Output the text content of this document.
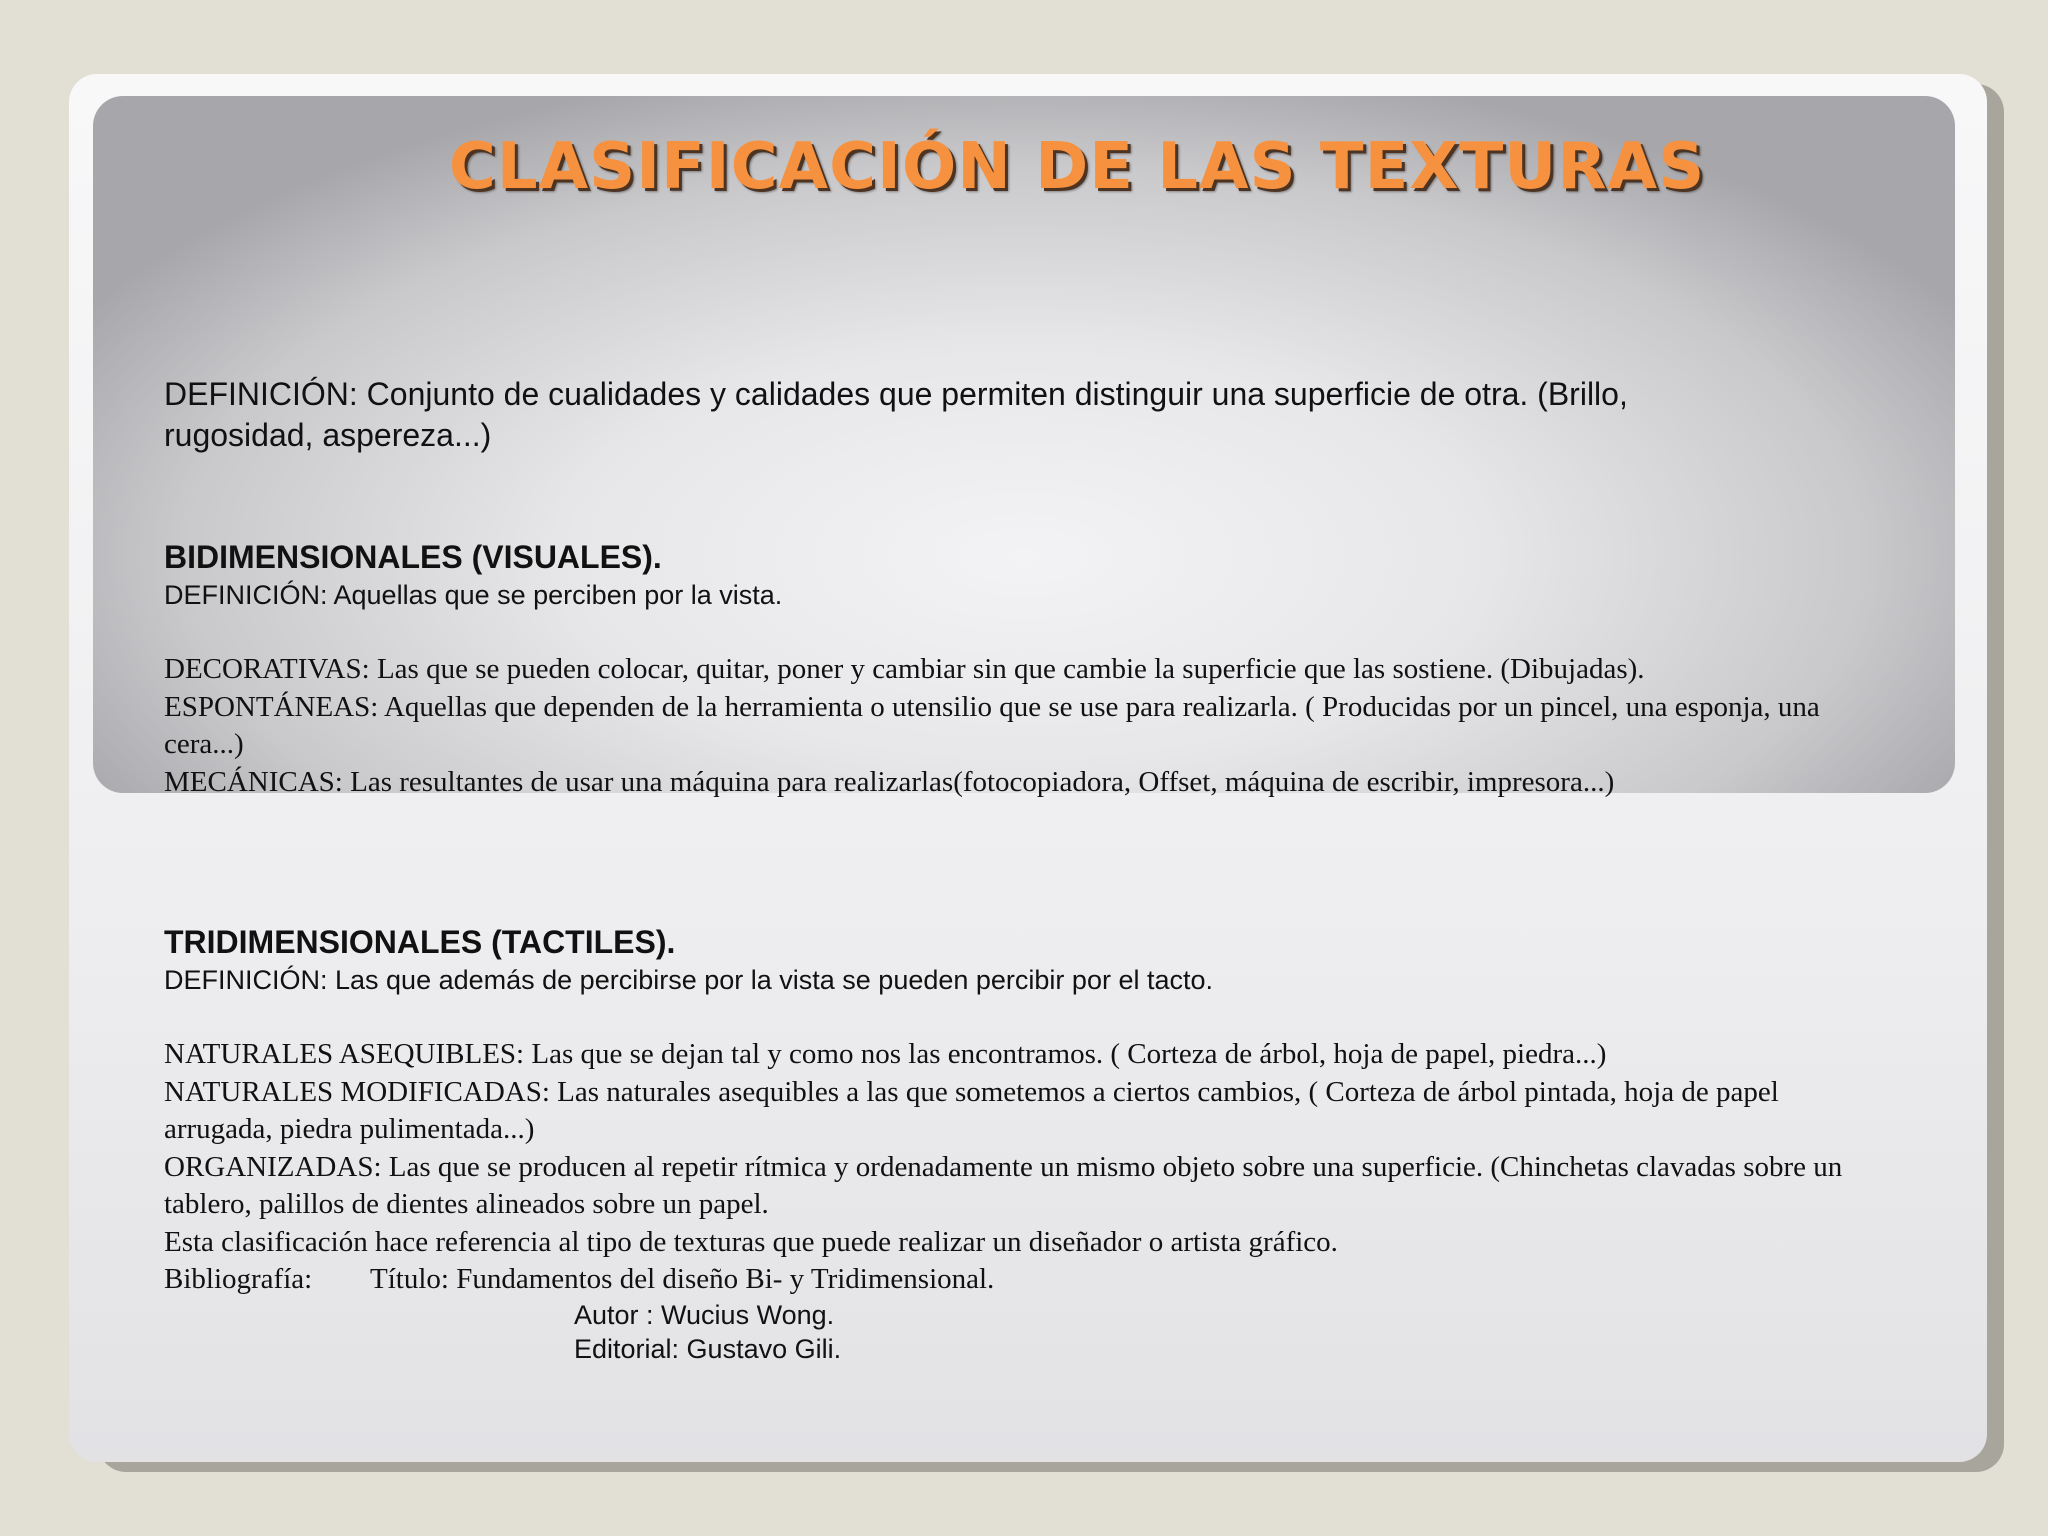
CLASIFICACIÓN DE LAS TEXTURAS

DEFINICIÓN: Conjunto de cualidades y calidades que permiten distinguir una superficie de otra. (Brillo, rugosidad, aspereza...)

BIDIMENSIONALES (VISUALES).

DEFINICIÓN: Aquellas que se perciben por la vista.

DECORATIVAS: Las que se pueden colocar, quitar, poner y cambiar sin que cambie la superficie que las sostiene. (Dibujadas).

ESPONTÁNEAS: Aquellas que dependen de la herramienta o utensilio que se use para realizarla. ( Producidas por un pincel, una esponja, una cera...)

MECÁNICAS: Las resultantes de usar una máquina para realizarlas(fotocopiadora, Offset, máquina de escribir, impresora...)

TRIDIMENSIONALES (TACTILES).

DEFINICIÓN: Las que además de percibirse por la vista se pueden percibir por el tacto.

NATURALES ASEQUIBLES: Las que se dejan tal y como nos las encontramos. ( Corteza de árbol, hoja de papel, piedra...)

NATURALES MODIFICADAS: Las naturales asequibles a las que sometemos a ciertos cambios, ( Corteza de árbol pintada, hoja de papel arrugada, piedra pulimentada...)

ORGANIZADAS: Las que se producen al repetir rítmica y ordenadamente un mismo objeto sobre una superficie. (Chinchetas clavadas sobre un tablero, palillos de dientes alineados sobre un papel.

Esta clasificación hace referencia al tipo de texturas que puede realizar un diseñador o artista gráfico.

Bibliografía: Título: Fundamentos del diseño Bi- y Tridimensional.

Autor : Wucius Wong.

Editorial: Gustavo Gili.
